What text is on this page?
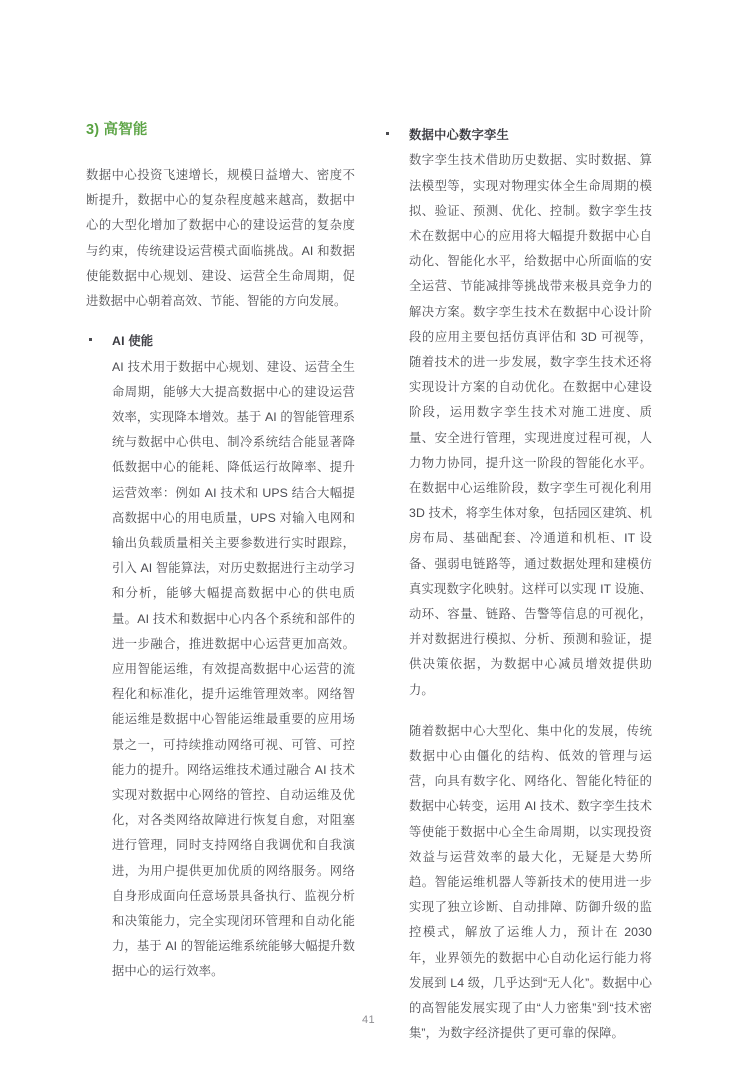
3) 高智能

数据中心投资飞速增长，规模日益增大、密度不断提升，数据中心的复杂程度越来越高，数据中心的大型化增加了数据中心的建设运营的复杂度与约束，传统建设运营模式面临挑战。AI 和数据使能数据中心规划、建设、运营全生命周期，促进数据中心朝着高效、节能、智能的方向发展。

AI 使能

AI 技术用于数据中心规划、建设、运营全生命周期，能够大大提高数据中心的建设运营效率，实现降本增效。基于 AI 的智能管理系统与数据中心供电、制冷系统结合能显著降低数据中心的能耗、降低运行故障率、提升运营效率：例如 AI 技术和 UPS 结合大幅提高数据中心的用电质量，UPS 对输入电网和输出负载质量相关主要参数进行实时跟踪，引入 AI 智能算法，对历史数据进行主动学习和分析，能够大幅提高数据中心的供电质量。AI 技术和数据中心内各个系统和部件的进一步融合，推进数据中心运营更加高效。应用智能运维，有效提高数据中心运营的流程化和标准化，提升运维管理效率。网络智能运维是数据中心智能运维最重要的应用场景之一，可持续推动网络可视、可管、可控能力的提升。网络运维技术通过融合 AI 技术实现对数据中心网络的管控、自动运维及优化，对各类网络故障进行恢复自愈，对阻塞进行管理，同时支持网络自我调优和自我演进，为用户提供更加优质的网络服务。网络自身形成面向任意场景具备执行、监视分析和决策能力，完全实现闭环管理和自动化能力，基于 AI 的智能运维系统能够大幅提升数据中心的运行效率。

数据中心数字孪生

数字孪生技术借助历史数据、实时数据、算法模型等，实现对物理实体全生命周期的模拟、验证、预测、优化、控制。数字孪生技术在数据中心的应用将大幅提升数据中心自动化、智能化水平，给数据中心所面临的安全运营、节能减排等挑战带来极具竞争力的解决方案。数字孪生技术在数据中心设计阶段的应用主要包括仿真评估和 3D 可视等，随着技术的进一步发展，数字孪生技术还将实现设计方案的自动优化。在数据中心建设阶段，运用数字孪生技术对施工进度、质量、安全进行管理，实现进度过程可视，人力物力协同，提升这一阶段的智能化水平。在数据中心运维阶段，数字孪生可视化利用 3D 技术，将孪生体对象，包括园区建筑、机房布局、基础配套、冷通道和机柜、IT 设备、强弱电链路等，通过数据处理和建模仿真实现数字化映射。这样可以实现 IT 设施、动环、容量、链路、告警等信息的可视化，并对数据进行模拟、分析、预测和验证，提供决策依据，为数据中心减员增效提供助力。

随着数据中心大型化、集中化的发展，传统数据中心由僵化的结构、低效的管理与运营，向具有数字化、网络化、智能化特征的数据中心转变，运用 AI 技术、数字孪生技术等使能于数据中心全生命周期，以实现投资效益与运营效率的最大化，无疑是大势所趋。智能运维机器人等新技术的使用进一步实现了独立诊断、自动排障、防御升级的监控模式，解放了运维人力，预计在 2030 年，业界领先的数据中心自动化运行能力将发展到 L4 级，几乎达到“无人化”。数据中心的高智能发展实现了由“人力密集”到“技术密集”，为数字经济提供了更可靠的保障。

41
